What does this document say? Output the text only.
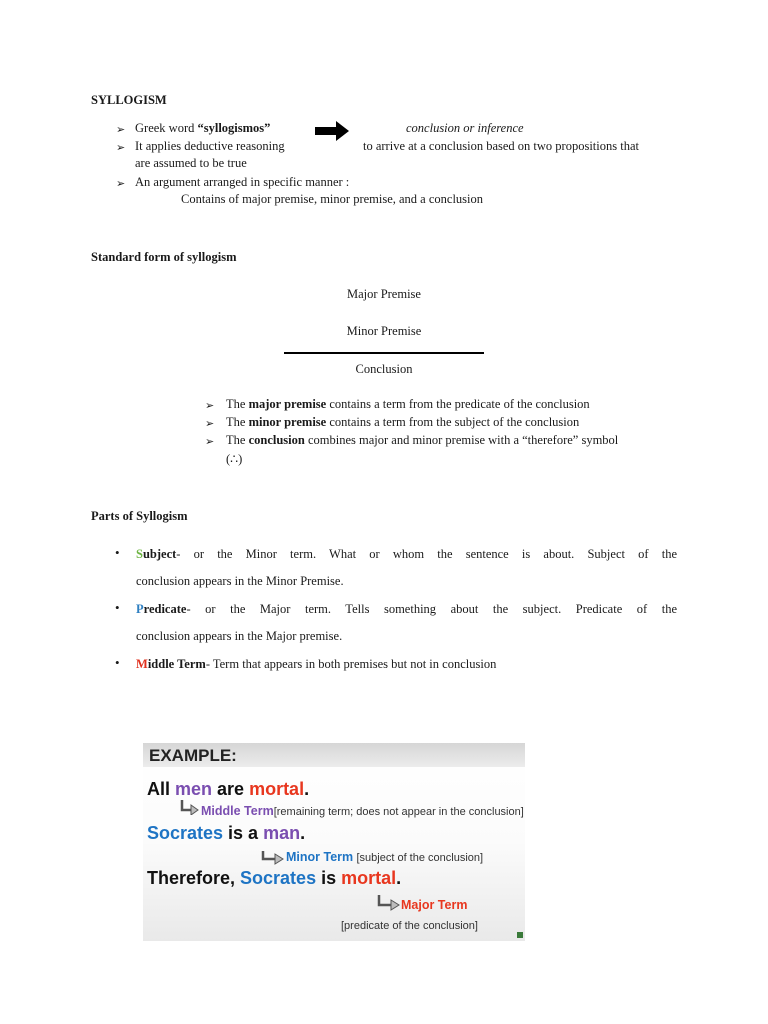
SYLLOGISM
➢ Greek word “syllogismos”	conclusion or inference
➢ It applies deductive reasoning	to arrive at a conclusion based on two propositions that
are assumed to be true
➢ An argument arranged in specific manner :
Contains of major premise, minor premise, and a conclusion
Standard form of syllogism
Major Premise
Minor Premise
Conclusion
➢ The major premise contains a term from the predicate of the conclusion
➢ The minor premise contains a term from the subject of the conclusion
➢ The conclusion combines major and minor premise with a “therefore” symbol
(∴)
Parts of Syllogism
• Subject- or the Minor term. What or whom the sentence is about. Subject of the
conclusion appears in the Minor Premise.
• Predicate- or the Major term. Tells something about the subject. Predicate of the
conclusion appears in the Major premise.
• Middle Term- Term that appears in both premises but not in conclusion
EXAMPLE:
All men are mortal.
Middle Term[remaining term; does not appear in the conclusion]
Socrates is a man.
Minor Term [subject of the conclusion]
Therefore, Socrates is mortal.
Major Term
[predicate of the conclusion]
